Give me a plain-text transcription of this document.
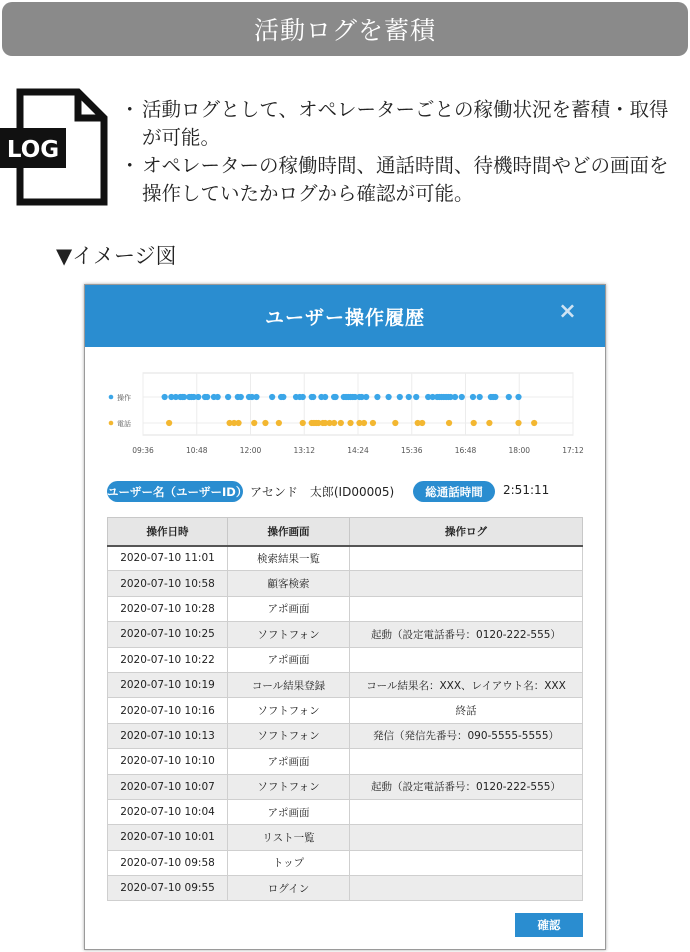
活動ログを蓄積
LOG
・ 活動ログとして、オペレーターごとの稼働状況を蓄積・取得が可能。
・ オペレーターの稼働時間、通話時間、待機時間やどの画面を操作していたかログから確認が可能。
▼イメージ図
ユーザー操作履歴	×
09:36	10:48	12:00	13:12	14:24	15:36	16:48	18:00	17:12
操作
電話
ユーザー名（ユーザーID） アセンド　太郎(ID00005)	総通話時間	2:51:11
操作日時	操作画面	操作ログ
2020-07-10 11:01	検索結果一覧	
2020-07-10 10:58	顧客検索	
2020-07-10 10:28	アポ画面	
2020-07-10 10:25	ソフトフォン	起動（設定電話番号：0120-222-555）
2020-07-10 10:22	アポ画面	
2020-07-10 10:19	コール結果登録	コール結果名：XXX、レイアウト名：XXX
2020-07-10 10:16	ソフトフォン	終話
2020-07-10 10:13	ソフトフォン	発信（発信先番号：090-5555-5555）
2020-07-10 10:10	アポ画面	
2020-07-10 10:07	ソフトフォン	起動（設定電話番号：0120-222-555）
2020-07-10 10:04	アポ画面	
2020-07-10 10:01	リスト一覧	
2020-07-10 09:58	トップ	
2020-07-10 09:55	ログイン	
確認
